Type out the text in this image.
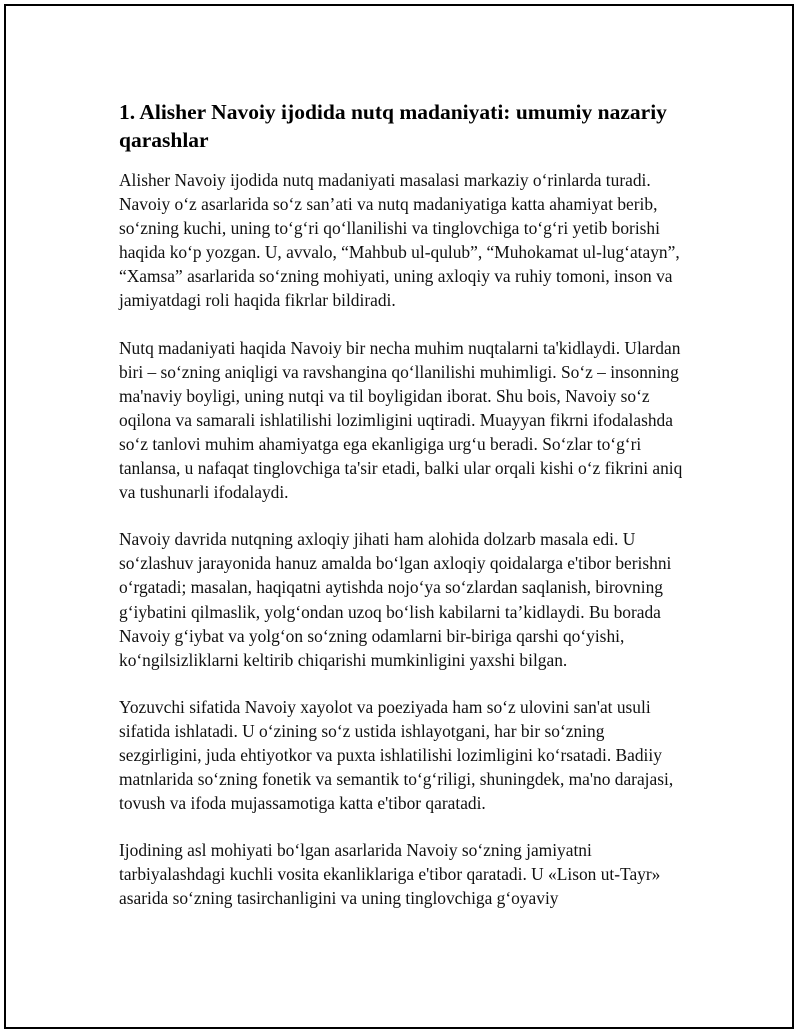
1. Alisher Navoiy ijodida nutq madaniyati: umumiy nazariy qarashlar

Alisher Navoiy ijodida nutq madaniyati masalasi markaziy o‘rinlarda turadi. Navoiy o‘z asarlarida so‘z san’ati va nutq madaniyatiga katta ahamiyat berib, so‘zning kuchi, uning to‘g‘ri qo‘llanilishi va tinglovchiga to‘g‘ri yetib borishi haqida ko‘p yozgan. U, avvalo, “Mahbub ul-qulub”, “Muhokamat ul-lug‘atayn”, “Xamsa” asarlarida so‘zning mohiyati, uning axloqiy va ruhiy tomoni, inson va jamiyatdagi roli haqida fikrlar bildiradi.

Nutq madaniyati haqida Navoiy bir necha muhim nuqtalarni ta'kidlaydi. Ulardan biri – so‘zning aniqligi va ravshangina qo‘llanilishi muhimligi. So‘z – insonning ma'naviy boyligi, uning nutqi va til boyligidan iborat. Shu bois, Navoiy so‘z oqilona va samarali ishlatilishi lozimligini uqtiradi. Muayyan fikrni ifodalashda so‘z tanlovi muhim ahamiyatga ega ekanligiga urg‘u beradi. So‘zlar to‘g‘ri tanlansa, u nafaqat tinglovchiga ta'sir etadi, balki ular orqali kishi o‘z fikrini aniq va tushunarli ifodalaydi.

Navoiy davrida nutqning axloqiy jihati ham alohida dolzarb masala edi. U so‘zlashuv jarayonida hanuz amalda bo‘lgan axloqiy qoidalarga e'tibor berishni o‘rgatadi; masalan, haqiqatni aytishda nojo‘ya so‘zlardan saqlanish, birovning g‘iybatini qilmaslik, yolg‘ondan uzoq bo‘lish kabilarni ta’kidlaydi. Bu borada Navoiy g‘iybat va yolg‘on so‘zning odamlarni bir-biriga qarshi qo‘yishi, ko‘ngilsizliklarni keltirib chiqarishi mumkinligini yaxshi bilgan.

Yozuvchi sifatida Navoiy xayolot va poeziyada ham so‘z ulovini san'at usuli sifatida ishlatadi. U o‘zining so‘z ustida ishlayotgani, har bir so‘zning sezgirligini, juda ehtiyotkor va puxta ishlatilishi lozimligini ko‘rsatadi. Badiiy matnlarida so‘zning fonetik va semantik to‘g‘riligi, shuningdek, ma'no darajasi, tovush va ifoda mujassamotiga katta e'tibor qaratadi.

Ijodining asl mohiyati bo‘lgan asarlarida Navoiy so‘zning jamiyatni tarbiyalashdagi kuchli vosita ekanliklariga e'tibor qaratadi. U «Lison ut-Tayr» asarida so‘zning tasirchanligini va uning tinglovchiga g‘oyaviy
